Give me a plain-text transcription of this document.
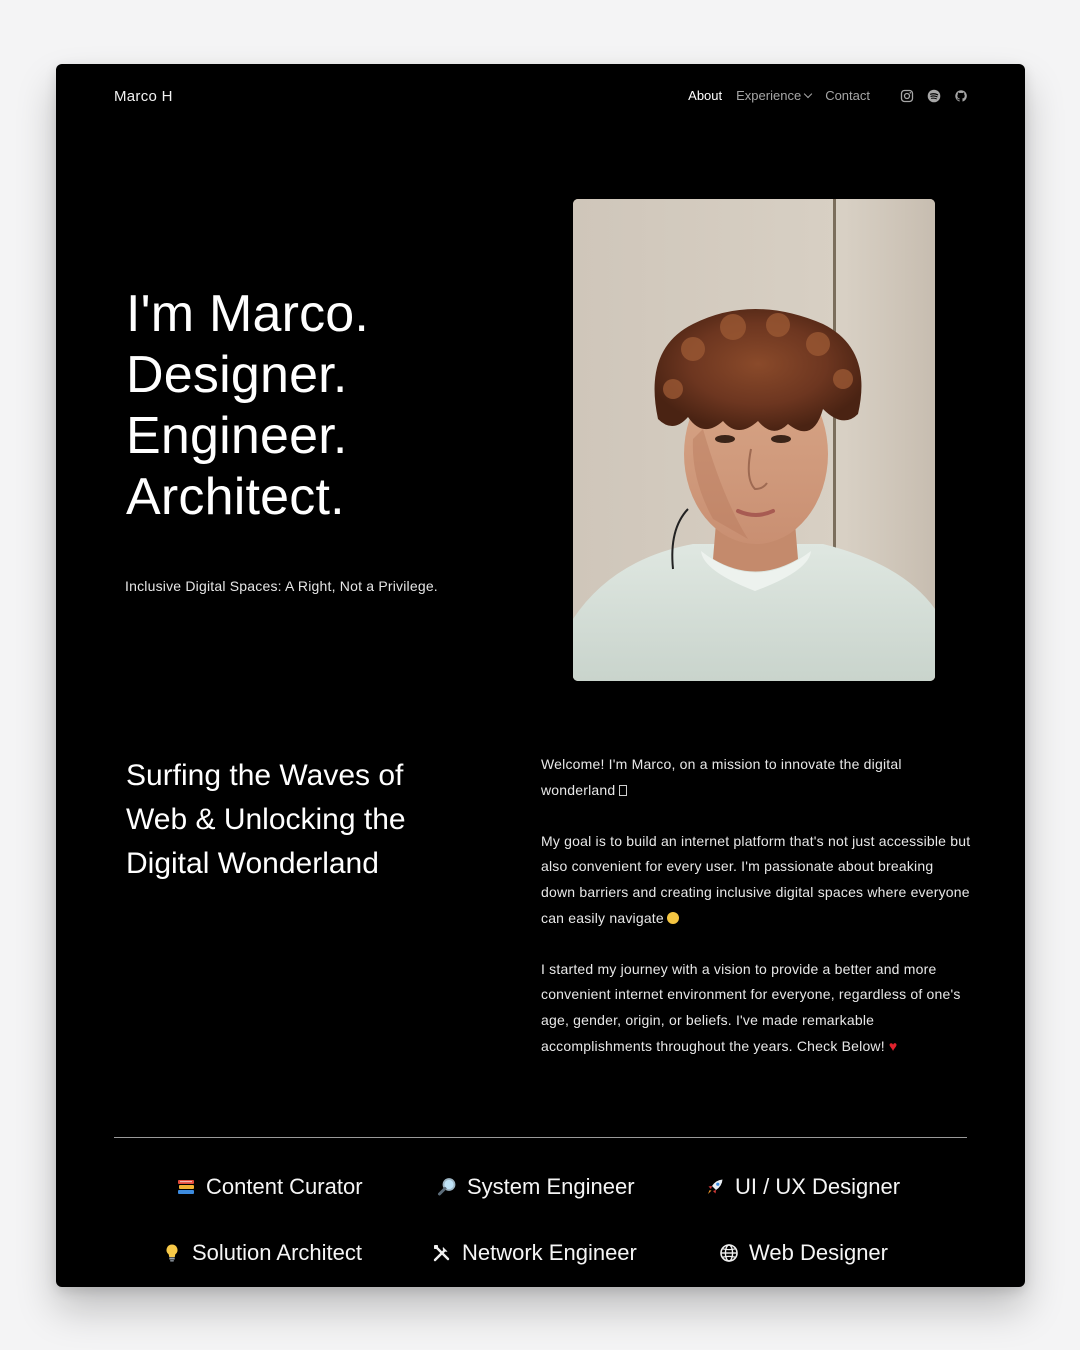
Marco H	About Experience	Contact
I'm Marco.
Designer.
Engineer.
Architect.
Inclusive Digital Spaces: A Right, Not a Privilege.
Surfing the Waves of Web & Unlocking the Digital Wonderland

Welcome! I'm Marco, on a mission to innovate the digital wonderland

My goal is to build an internet platform that's not just accessible but also convenient for every user. I'm passionate about breaking down barriers and creating inclusive digital spaces where everyone can easily navigate

I started my journey with a vision to provide a better and more convenient internet environment for everyone, regardless of one's age, gender, origin, or beliefs. I've made remarkable accomplishments throughout the years. Check Below! ♥

Content Curator	System Engineer	UI / UX Designer
Solution Architect	Network Engineer	Web Designer
